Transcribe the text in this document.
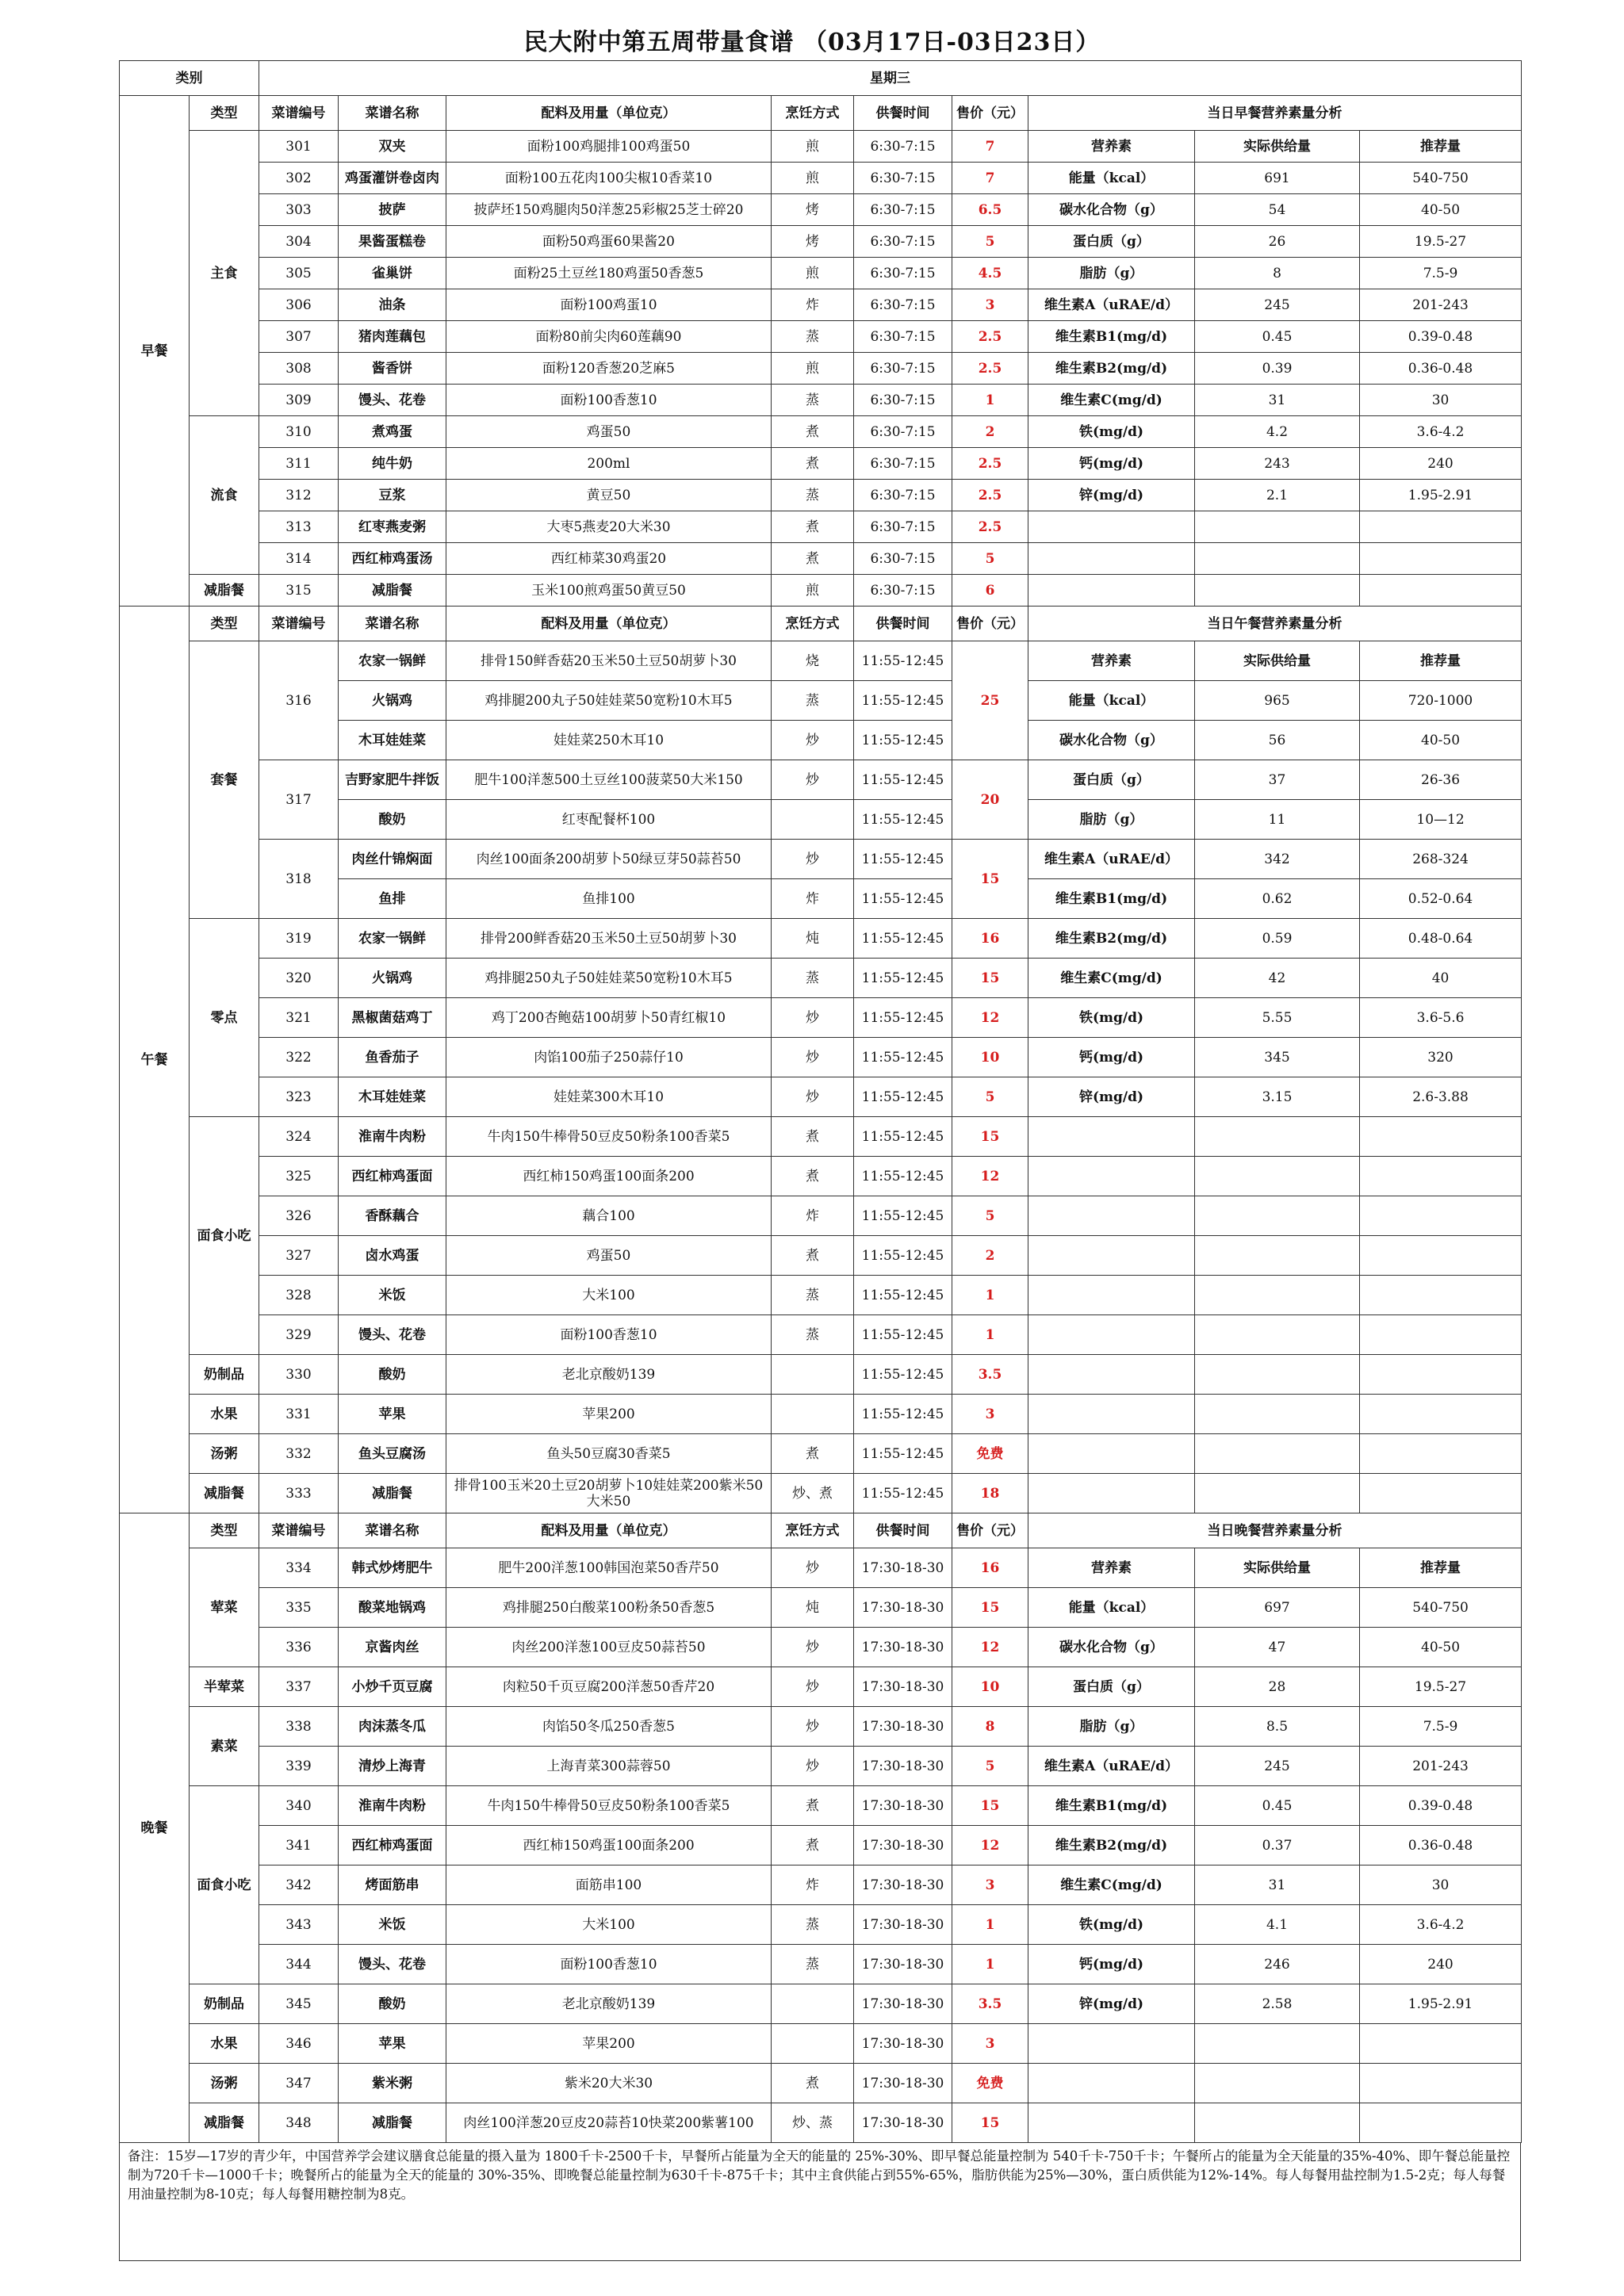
民大附中第五周带量食谱 （03月17日-03日23日）
类别		星期三								
早餐	类型	菜谱编号	菜谱名称	配料及用量（单位克）	烹饪方式	供餐时间	售价（元）	当日早餐营养素量分析		
	主食	301	双夹	面粉100鸡腿排100鸡蛋50	煎	6:30-7:15	7	营养素	实际供给量	推荐量
		302	鸡蛋灌饼卷卤肉	面粉100五花肉100尖椒10香菜10	煎	6:30-7:15	7	能量（kcal）	691	540-750
		303	披萨	披萨坯150鸡腿肉50洋葱25彩椒25芝士碎20	烤	6:30-7:15	6.5	碳水化合物（g）	54	40-50
		304	果酱蛋糕卷	面粉50鸡蛋60果酱20	烤	6:30-7:15	5	蛋白质（g）	26	19.5-27
		305	雀巢饼	面粉25土豆丝180鸡蛋50香葱5	煎	6:30-7:15	4.5	脂肪（g）	8	7.5-9
		306	油条	面粉100鸡蛋10	炸	6:30-7:15	3	维生素A（uRAE/d）	245	201-243
		307	猪肉莲藕包	面粉80前尖肉60莲藕90	蒸	6:30-7:15	2.5	维生素B1(mg/d)	0.45	0.39-0.48
		308	酱香饼	面粉120香葱20芝麻5	煎	6:30-7:15	2.5	维生素B2(mg/d)	0.39	0.36-0.48
		309	馒头、花卷	面粉100香葱10	蒸	6:30-7:15	1	维生素C(mg/d)	31	30
	流食	310	煮鸡蛋	鸡蛋50	煮	6:30-7:15	2	铁(mg/d)	4.2	3.6-4.2
		311	纯牛奶	200ml	煮	6:30-7:15	2.5	钙(mg/d)	243	240
		312	豆浆	黄豆50	蒸	6:30-7:15	2.5	锌(mg/d)	2.1	1.95-2.91
		313	红枣燕麦粥	大枣5燕麦20大米30	煮	6:30-7:15	2.5			
		314	西红柿鸡蛋汤	西红柿菜30鸡蛋20	煮	6:30-7:15	5			
	减脂餐	315	减脂餐	玉米100煎鸡蛋50黄豆50	煎	6:30-7:15	6			
午餐	类型	菜谱编号	菜谱名称	配料及用量（单位克）	烹饪方式	供餐时间	售价（元）	当日午餐营养素量分析		
	套餐	316	农家一锅鲜	排骨150鲜香菇20玉米50土豆50胡萝卜30	烧	11:55-12:45	25	营养素	实际供给量	推荐量
			火锅鸡	鸡排腿200丸子50娃娃菜50宽粉10木耳5	蒸	11:55-12:45		能量（kcal）	965	720-1000
			木耳娃娃菜	娃娃菜250木耳10	炒	11:55-12:45		碳水化合物（g）	56	40-50
		317	吉野家肥牛拌饭	肥牛100洋葱500土豆丝100菠菜50大米150	炒	11:55-12:45	20	蛋白质（g）	37	26-36
			酸奶	红枣配餐杯100		11:55-12:45		脂肪（g）	11	10—12
		318	肉丝什锦焖面	肉丝100面条200胡萝卜50绿豆芽50蒜苔50	炒	11:55-12:45	15	维生素A（uRAE/d）	342	268-324
			鱼排	鱼排100	炸	11:55-12:45		维生素B1(mg/d)	0.62	0.52-0.64
	零点	319	农家一锅鲜	排骨200鲜香菇20玉米50土豆50胡萝卜30	炖	11:55-12:45	16	维生素B2(mg/d)	0.59	0.48-0.64
		320	火锅鸡	鸡排腿250丸子50娃娃菜50宽粉10木耳5	蒸	11:55-12:45	15	维生素C(mg/d)	42	40
		321	黑椒菌菇鸡丁	鸡丁200杏鲍菇100胡萝卜50青红椒10	炒	11:55-12:45	12	铁(mg/d)	5.55	3.6-5.6
		322	鱼香茄子	肉馅100茄子250蒜仔10	炒	11:55-12:45	10	钙(mg/d)	345	320
		323	木耳娃娃菜	娃娃菜300木耳10	炒	11:55-12:45	5	锌(mg/d)	3.15	2.6-3.88
	面食小吃	324	淮南牛肉粉	牛肉150牛棒骨50豆皮50粉条100香菜5	煮	11:55-12:45	15			
		325	西红柿鸡蛋面	西红柿150鸡蛋100面条200	煮	11:55-12:45	12			
		326	香酥藕合	藕合100	炸	11:55-12:45	5			
		327	卤水鸡蛋	鸡蛋50	煮	11:55-12:45	2			
		328	米饭	大米100	蒸	11:55-12:45	1			
		329	馒头、花卷	面粉100香葱10	蒸	11:55-12:45	1			
	奶制品	330	酸奶	老北京酸奶139		11:55-12:45	3.5			
	水果	331	苹果	苹果200		11:55-12:45	3			
	汤粥	332	鱼头豆腐汤	鱼头50豆腐30香菜5	煮	11:55-12:45	免费			
	减脂餐	333	减脂餐	排骨100玉米20土豆20胡萝卜10娃娃菜200紫米50大米50	炒、煮	11:55-12:45	18			
晚餐	类型	菜谱编号	菜谱名称	配料及用量（单位克）	烹饪方式	供餐时间	售价（元）	当日晚餐营养素量分析		
	荤菜	334	韩式炒烤肥牛	肥牛200洋葱100韩国泡菜50香芹50	炒	17:30-18-30	16	营养素	实际供给量	推荐量
		335	酸菜地锅鸡	鸡排腿250白酸菜100粉条50香葱5	炖	17:30-18-30	15	能量（kcal）	697	540-750
		336	京酱肉丝	肉丝200洋葱100豆皮50蒜苔50	炒	17:30-18-30	12	碳水化合物（g）	47	40-50
	半荤菜	337	小炒千页豆腐	肉粒50千页豆腐200洋葱50香芹20	炒	17:30-18-30	10	蛋白质（g）	28	19.5-27
	素菜	338	肉沫蒸冬瓜	肉馅50冬瓜250香葱5	炒	17:30-18-30	8	脂肪（g）	8.5	7.5-9
		339	清炒上海青	上海青菜300蒜蓉50	炒	17:30-18-30	5	维生素A（uRAE/d）	245	201-243
	面食小吃	340	淮南牛肉粉	牛肉150牛棒骨50豆皮50粉条100香菜5	煮	17:30-18-30	15	维生素B1(mg/d)	0.45	0.39-0.48
		341	西红柿鸡蛋面	西红柿150鸡蛋100面条200	煮	17:30-18-30	12	维生素B2(mg/d)	0.37	0.36-0.48
		342	烤面筋串	面筋串100	炸	17:30-18-30	3	维生素C(mg/d)	31	30
		343	米饭	大米100	蒸	17:30-18-30	1	铁(mg/d)	4.1	3.6-4.2
		344	馒头、花卷	面粉100香葱10	蒸	17:30-18-30	1	钙(mg/d)	246	240
	奶制品	345	酸奶	老北京酸奶139		17:30-18-30	3.5	锌(mg/d)	2.58	1.95-2.91
	水果	346	苹果	苹果200		17:30-18-30	3			
	汤粥	347	紫米粥	紫米20大米30	煮	17:30-18-30	免费			
	减脂餐	348	减脂餐	肉丝100洋葱20豆皮20蒜苔10快菜200紫薯100	炒、蒸	17:30-18-30	15			
备注：15岁—17岁的青少年，中国营养学会建议膳食总能量的摄入量为 1800千卡-2500千卡，早餐所占能量为全天的能量的 25%-30%、即早餐总能量控制为 540千卡-750千卡；午餐所占的能量为全天能量的35%-40%、即午餐总能量控制为720千卡—1000千卡；晚餐所占的能量为全天的能量的 30%-35%、即晚餐总能量控制为630千卡-875千卡；其中主食供能占到55%-65%，脂肪供能为25%—30%，蛋白质供能为12%-14%。每人每餐用盐控制为1.5-2克；每人每餐用油量控制为8-10克；每人每餐用糖控制为8克。
